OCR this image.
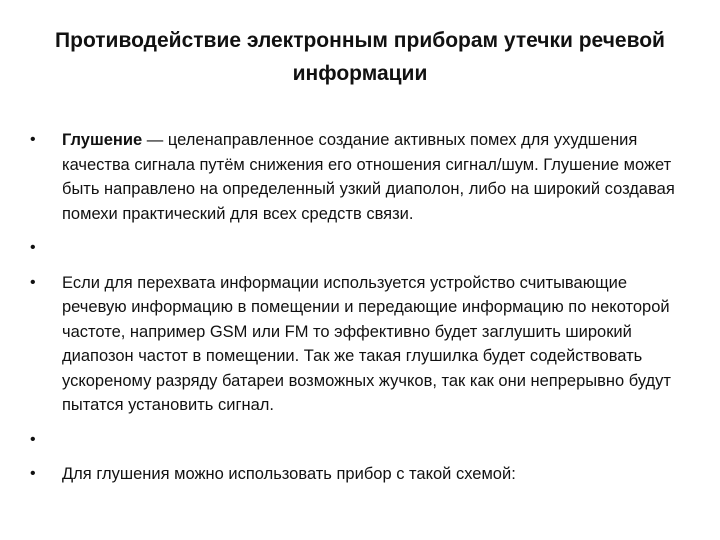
Противодействие электронным приборам утечки речевой информации
•	Глушение — целенаправленное создание активных помех для ухудшения качества сигнала путём снижения его отношения сигнал/шум. Глушение может быть направлено на определенный узкий диаполон, либо на широкий создавая помехи практический для всех средств связи.
•
•	Если для перехвата информации используется устройство считывающие речевую информацию в помещении и передающие информацию по некоторой частоте, например GSM или FM то эффективно будет заглушить широкий диапозон частот в помещении. Так же такая глушилка будет содействовать ускореному разряду батареи возможных жучков, так как они непрерывно будут пытатся установить сигнал.
•
•	Для глушения можно использовать прибор с такой схемой:
